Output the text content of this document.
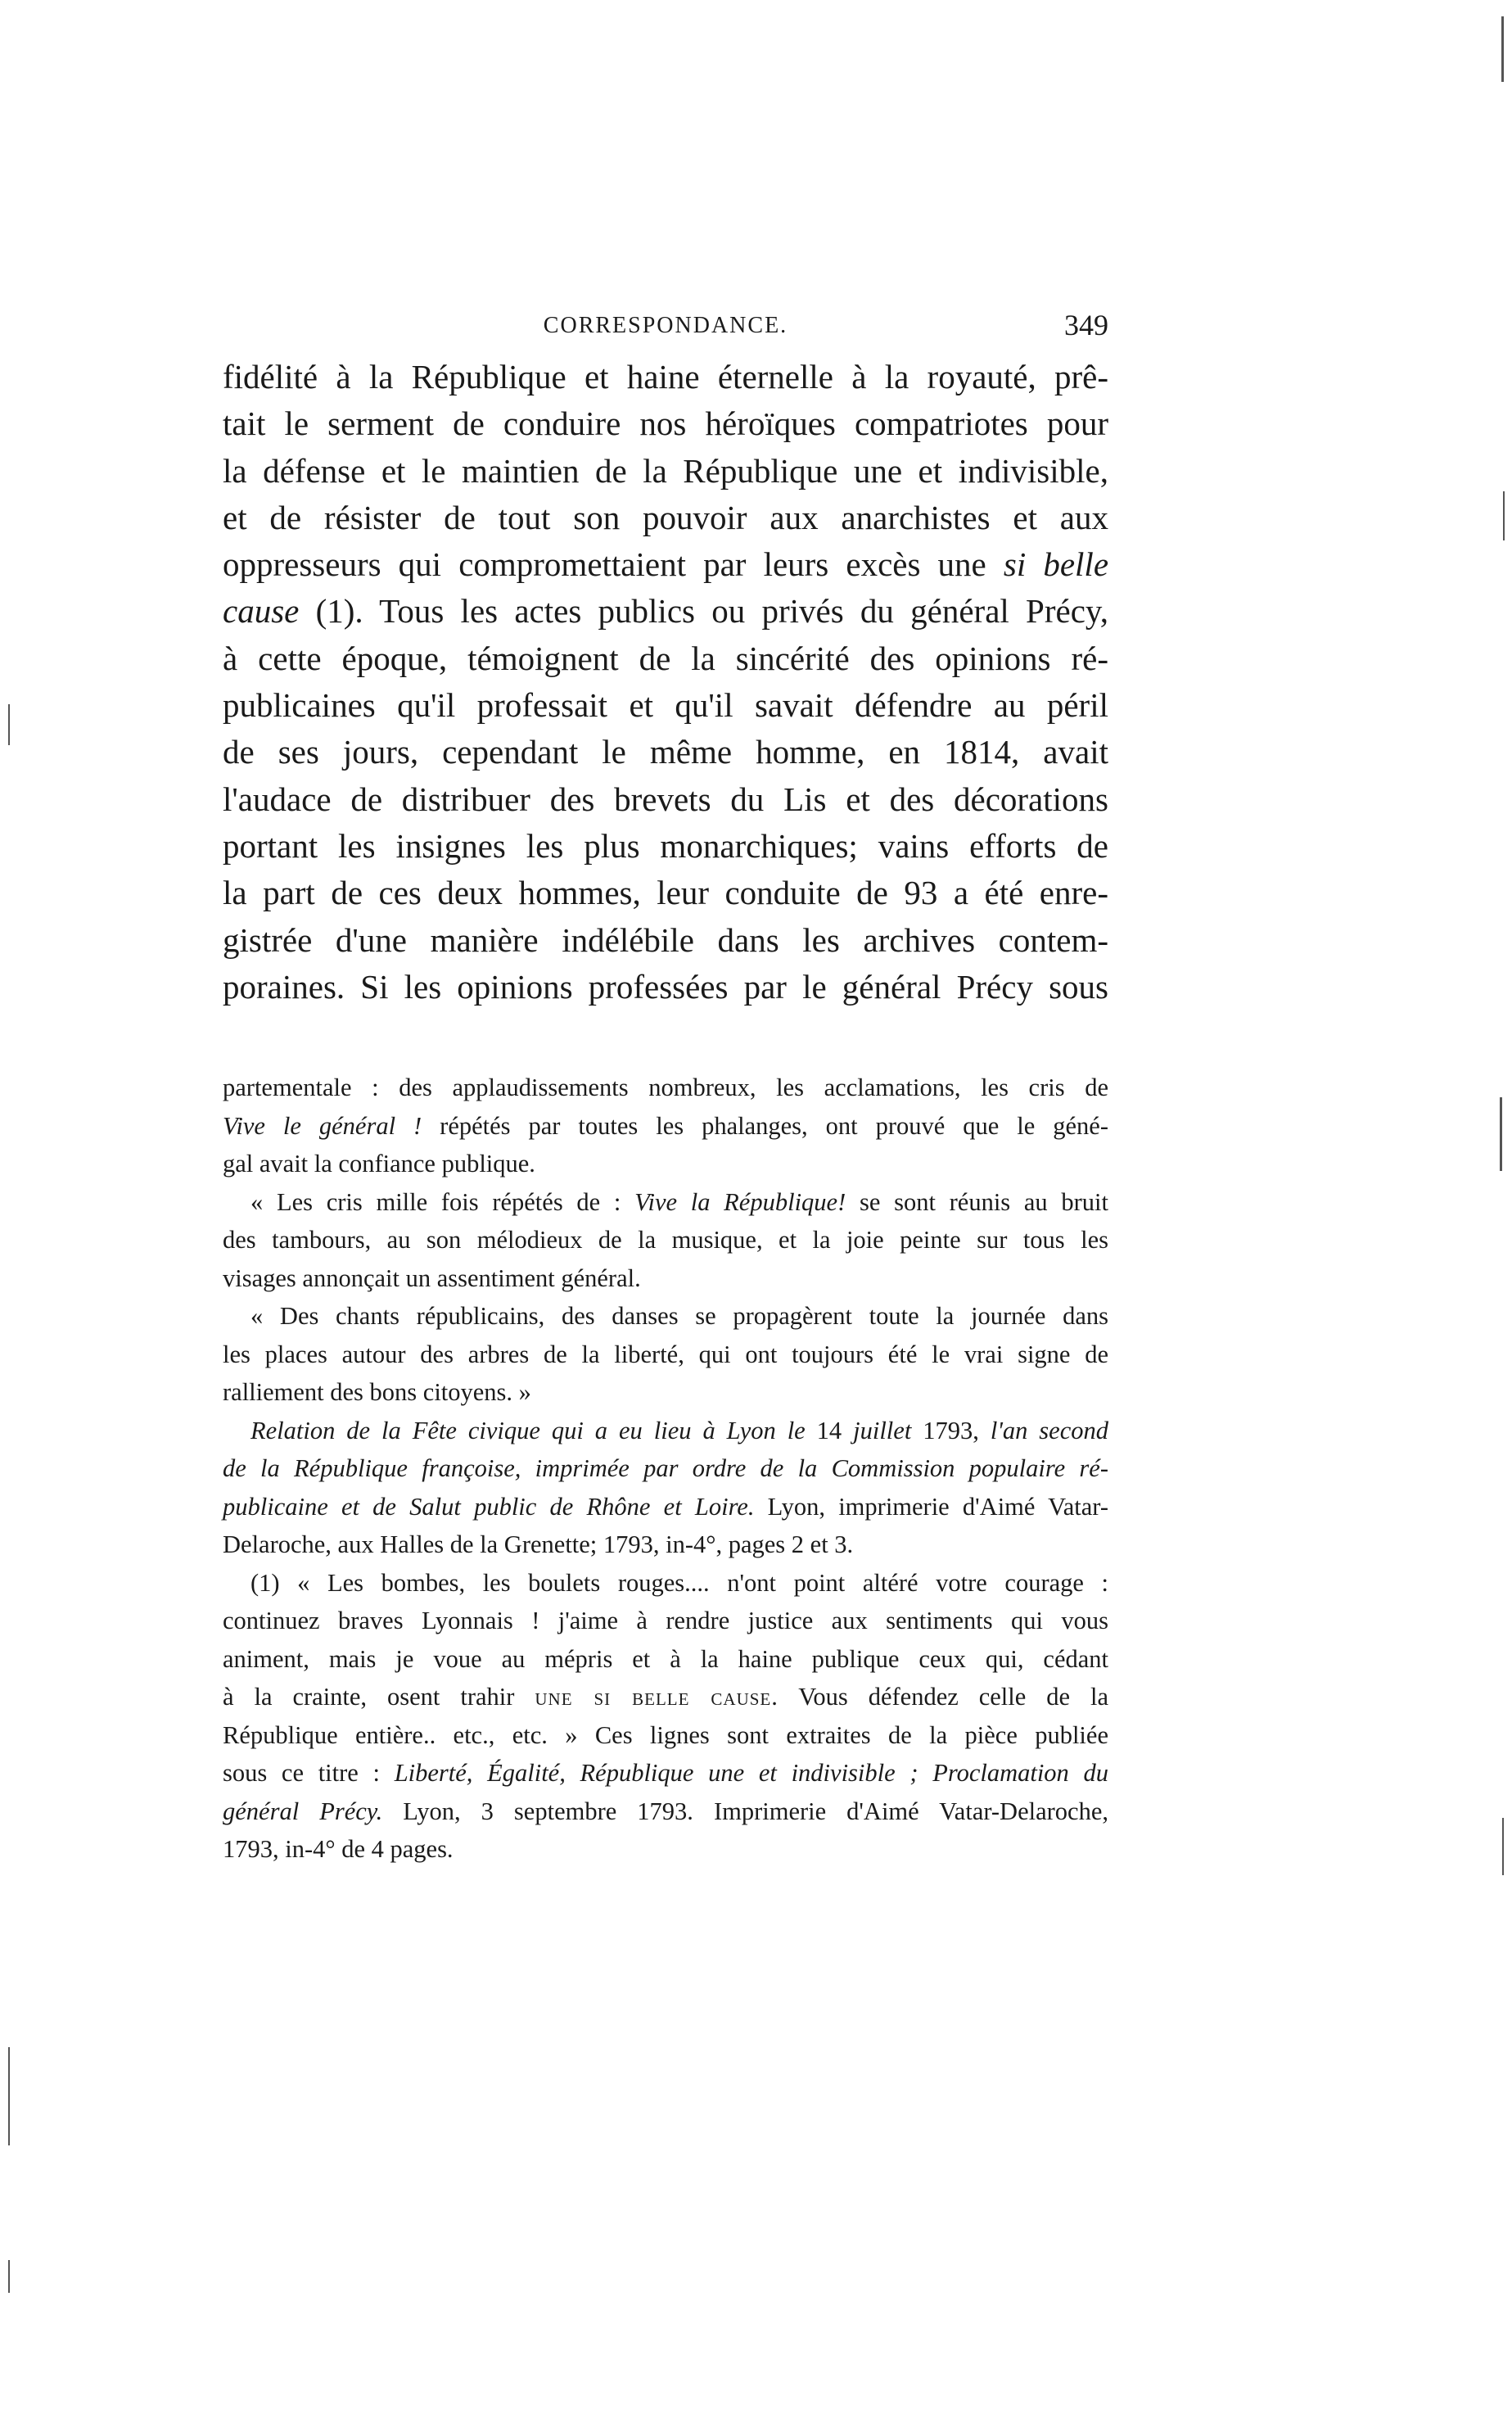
CORRESPONDANCE.	349
fidélité à la République et haine éternelle à la royauté, prê-
tait le serment de conduire nos héroïques compatriotes pour
la défense et le maintien de la République une et indivisible,
et de résister de tout son pouvoir aux anarchistes et aux
oppresseurs qui compromettaient par leurs excès une si belle
cause (1). Tous les actes publics ou privés du général Précy,
à cette époque, témoignent de la sincérité des opinions ré-
publicaines qu'il professait et qu'il savait défendre au péril
de ses jours, cependant le même homme, en 1814, avait
l'audace de distribuer des brevets du Lis et des décorations
portant les insignes les plus monarchiques; vains efforts de
la part de ces deux hommes, leur conduite de 93 a été enre-
gistrée d'une manière indélébile dans les archives contem-
poraines. Si les opinions professées par le général Précy sous
partementale : des applaudissements nombreux, les acclamations, les cris de
Vive le général ! répétés par toutes les phalanges, ont prouvé que le géné-
gal avait la confiance publique.
« Les cris mille fois répétés de : Vive la République! se sont réunis au bruit
des tambours, au son mélodieux de la musique, et la joie peinte sur tous les
visages annonçait un assentiment général.
« Des chants républicains, des danses se propagèrent toute la journée dans
les places autour des arbres de la liberté, qui ont toujours été le vrai signe de
ralliement des bons citoyens. »
Relation de la Fête civique qui a eu lieu à Lyon le 14 juillet 1793, l'an second
de la République françoise, imprimée par ordre de la Commission populaire ré-
publicaine et de Salut public de Rhône et Loire. Lyon, imprimerie d'Aimé Vatar-
Delaroche, aux Halles de la Grenette; 1793, in-4°, pages 2 et 3.
(1) « Les bombes, les boulets rouges.... n'ont point altéré votre courage :
continuez braves Lyonnais ! j'aime à rendre justice aux sentiments qui vous
animent, mais je voue au mépris et à la haine publique ceux qui, cédant
à la crainte, osent trahir une si belle cause. Vous défendez celle de la
République entière.. etc., etc. » Ces lignes sont extraites de la pièce publiée
sous ce titre : Liberté, Égalité, République une et indivisible ; Proclamation du
général Précy. Lyon, 3 septembre 1793. Imprimerie d'Aimé Vatar-Delaroche,
1793, in-4° de 4 pages.
